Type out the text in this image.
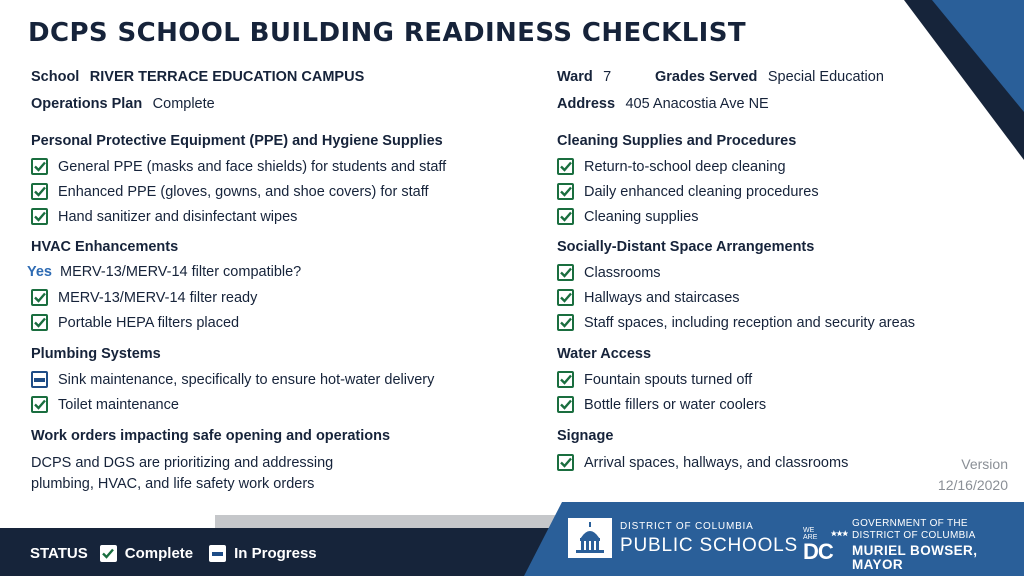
DCPS SCHOOL BUILDING READINESS CHECKLIST
School RIVER TERRACE EDUCATION CAMPUS
Operations Plan Complete
Ward 7	Grades Served Special Education
Address 405 Anacostia Ave NE
Personal Protective Equipment (PPE) and Hygiene Supplies
General PPE (masks and face shields) for students and staff
Enhanced PPE (gloves, gowns, and shoe covers) for staff
Hand sanitizer and disinfectant wipes
HVAC Enhancements
Yes MERV-13/MERV-14 filter compatible?
MERV-13/MERV-14 filter ready
Portable HEPA filters placed
Plumbing Systems
Sink maintenance, specifically to ensure hot-water delivery
Toilet maintenance
Work orders impacting safe opening and operations
DCPS and DGS are prioritizing and addressing
plumbing, HVAC, and life safety work orders
Cleaning Supplies and Procedures
Return-to-school deep cleaning
Daily enhanced cleaning procedures
Cleaning supplies
Socially-Distant Space Arrangements
Classrooms
Hallways and staircases
Staff spaces, including reception and security areas
Water Access
Fountain spouts turned off
Bottle fillers or water coolers
Signage
Arrival spaces, hallways, and classrooms	Version
12/16/2020
STATUS Complete	In Progress
DISTRICT OF COLUMBIA
PUBLIC SCHOOLS
WE ARE
DC
GOVERNMENT OF THE
DISTRICT OF COLUMBIA
MURIEL BOWSER, MAYOR
